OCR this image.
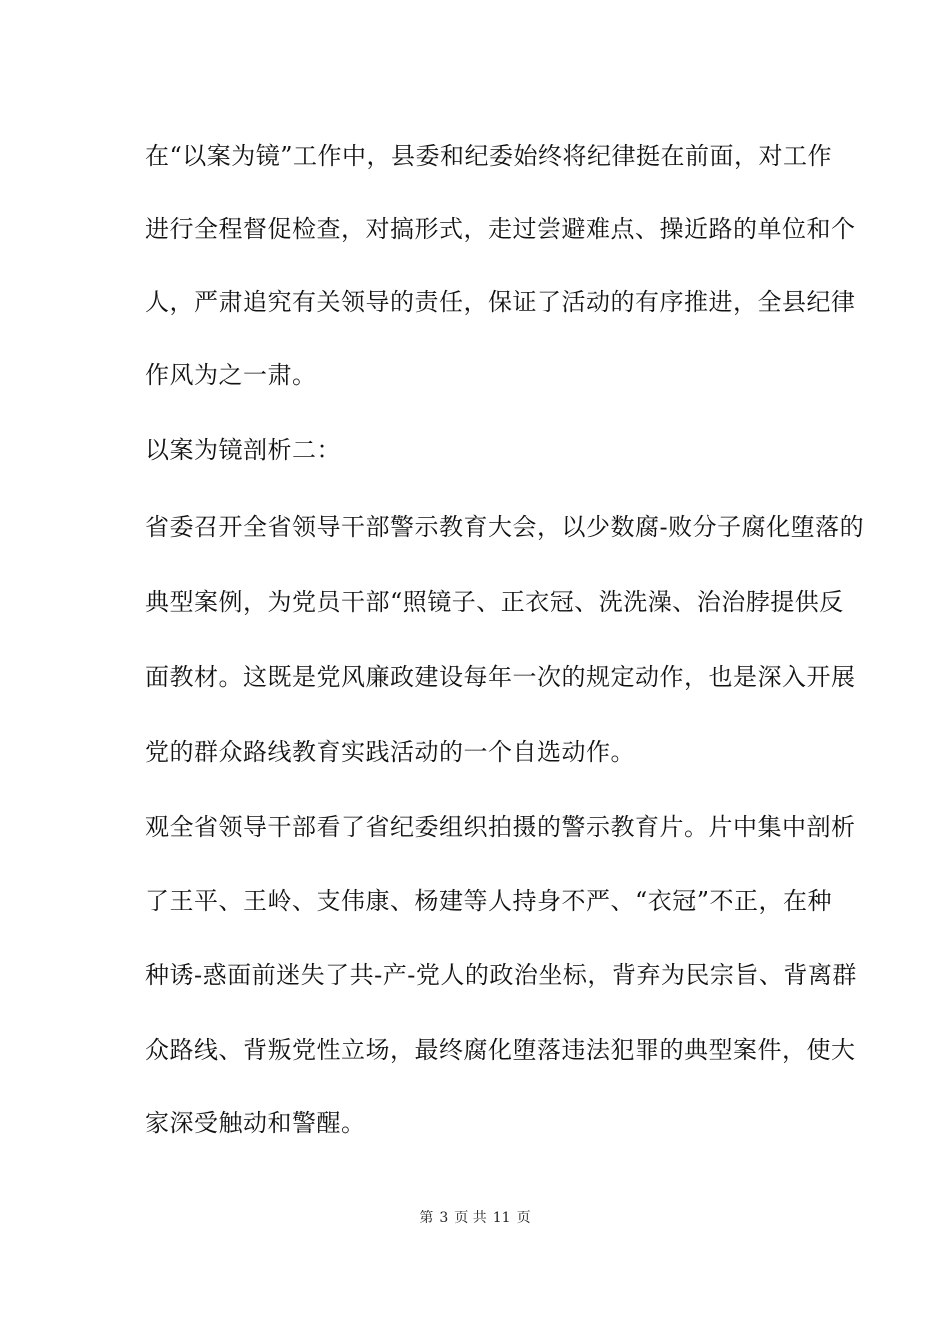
在“以案为镜”工作中，县委和纪委始终将纪律挺在前面，对工作
进行全程督促检查，对搞形式，走过尝避难点、操近路的单位和个
人，严肃追究有关领导的责任，保证了活动的有序推进，全县纪律
作风为之一肃。
以案为镜剖析二：
省委召开全省领导干部警示教育大会，以少数腐-败分子腐化堕落的
典型案例，为党员干部“照镜子、正衣冠、洗洗澡、治治脖提供反
面教材。这既是党风廉政建设每年一次的规定动作，也是深入开展
党的群众路线教育实践活动的一个自选动作。
观全省领导干部看了省纪委组织拍摄的警示教育片。片中集中剖析
了王平、王岭、支伟康、杨建等人持身不严、“衣冠”不正，在种
种诱-惑面前迷失了共-产-党人的政治坐标，背弃为民宗旨、背离群
众路线、背叛党性立场，最终腐化堕落违法犯罪的典型案件，使大
家深受触动和警醒。
第 3 页 共 11 页
